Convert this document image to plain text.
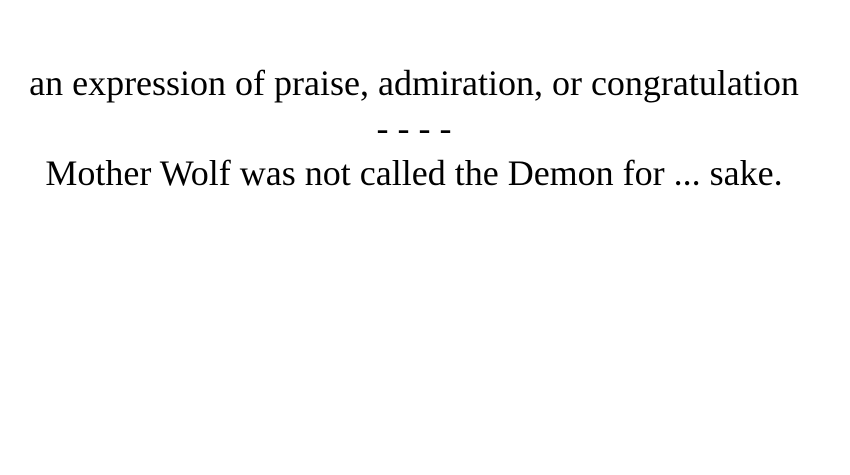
an expression of praise, admiration, or congratulation
- - - -
Mother Wolf was not called the Demon for ... sake.
